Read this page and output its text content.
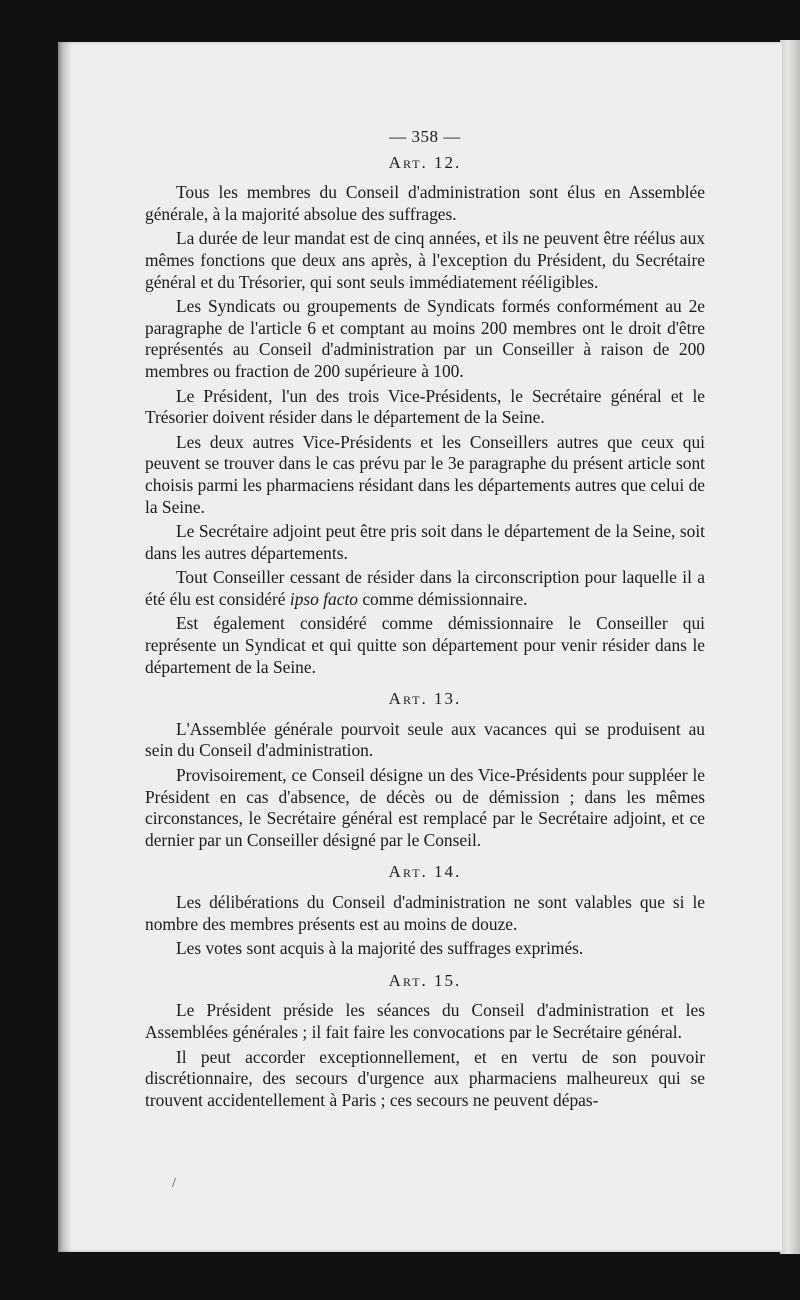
— 358 —
Art. 12.

Tous les membres du Conseil d'administration sont élus en Assemblée générale, à la majorité absolue des suffrages.

La durée de leur mandat est de cinq années, et ils ne peuvent être réélus aux mêmes fonctions que deux ans après, à l'exception du Président, du Secrétaire général et du Trésorier, qui sont seuls immédiatement rééligibles.

Les Syndicats ou groupements de Syndicats formés conformément au 2e paragraphe de l'article 6 et comptant au moins 200 membres ont le droit d'être représentés au Conseil d'administration par un Conseiller à raison de 200 membres ou fraction de 200 supérieure à 100.

Le Président, l'un des trois Vice-Présidents, le Secrétaire général et le Trésorier doivent résider dans le département de la Seine.

Les deux autres Vice-Présidents et les Conseillers autres que ceux qui peuvent se trouver dans le cas prévu par le 3e paragraphe du présent article sont choisis parmi les pharmaciens résidant dans les départements autres que celui de la Seine.

Le Secrétaire adjoint peut être pris soit dans le département de la Seine, soit dans les autres départements.

Tout Conseiller cessant de résider dans la circonscription pour laquelle il a été élu est considéré ipso facto comme démissionnaire.

Est également considéré comme démissionnaire le Conseiller qui représente un Syndicat et qui quitte son département pour venir résider dans le département de la Seine.

Art. 13.

L'Assemblée générale pourvoit seule aux vacances qui se produisent au sein du Conseil d'administration.

Provisoirement, ce Conseil désigne un des Vice-Présidents pour suppléer le Président en cas d'absence, de décès ou de démission ; dans les mêmes circonstances, le Secrétaire général est remplacé par le Secrétaire adjoint, et ce dernier par un Conseiller désigné par le Conseil.

Art. 14.

Les délibérations du Conseil d'administration ne sont valables que si le nombre des membres présents est au moins de douze.

Les votes sont acquis à la majorité des suffrages exprimés.

Art. 15.

Le Président préside les séances du Conseil d'administration et les Assemblées générales ; il fait faire les convocations par le Secrétaire général.

Il peut accorder exceptionnellement, et en vertu de son pouvoir discrétionnaire, des secours d'urgence aux pharmaciens malheureux qui se trouvent accidentellement à Paris ; ces secours ne peuvent dépas-

/
